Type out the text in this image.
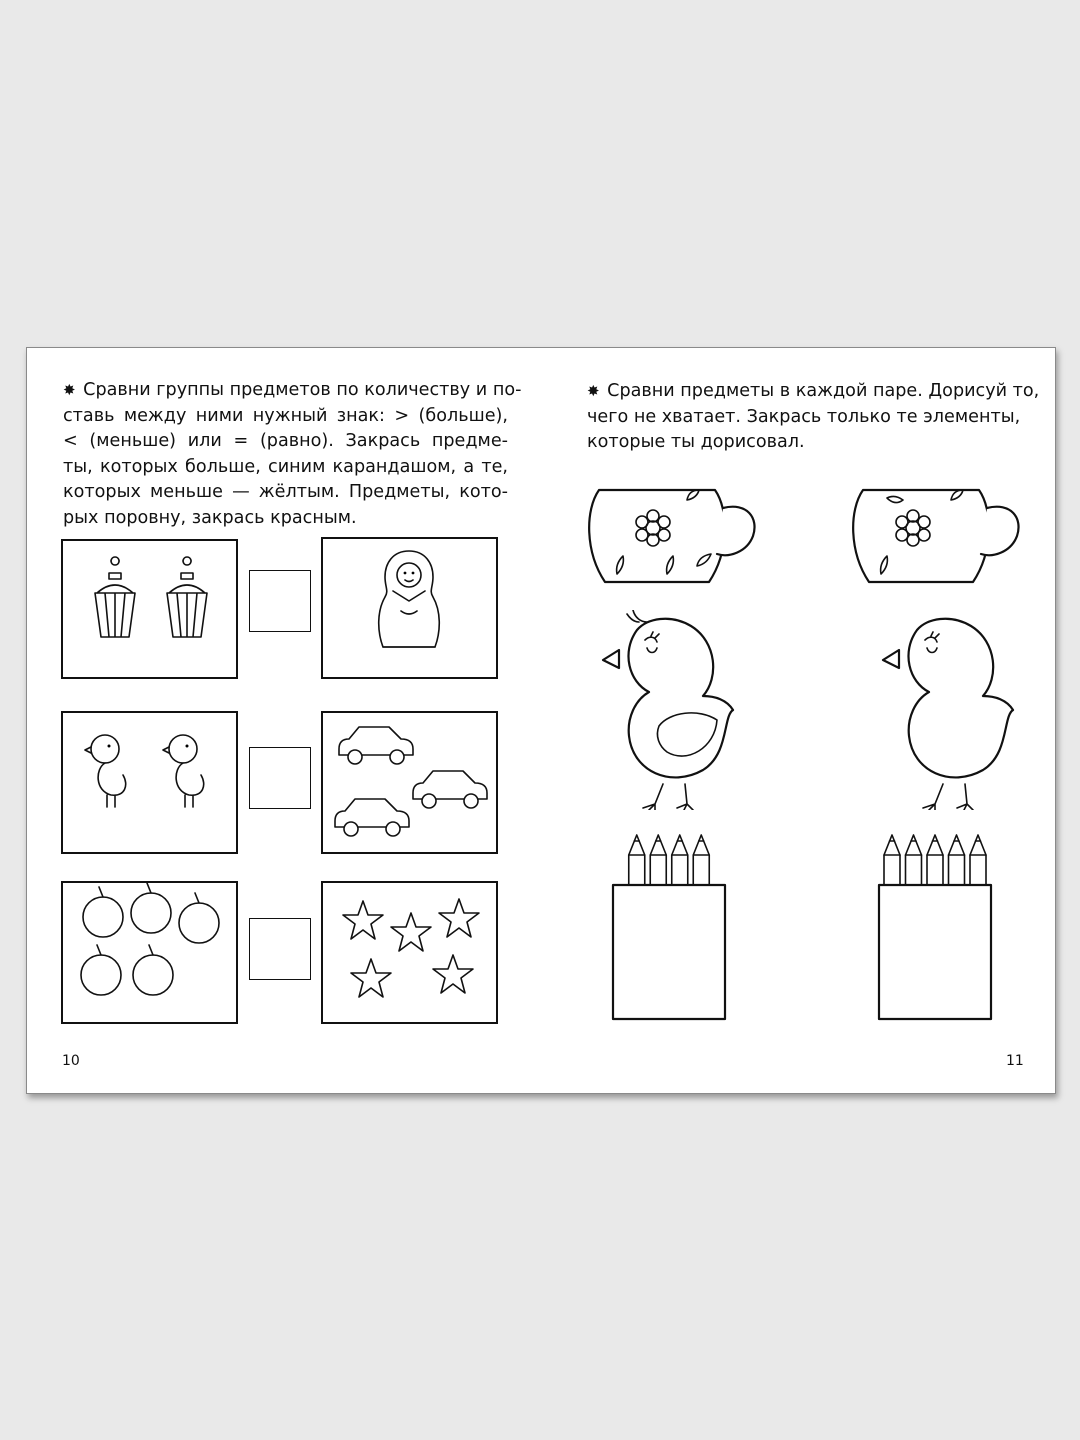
✸ Сравни группы предметов по количеству и по-
ставь между ними нужный знак: > (больше),
< (меньше) или = (равно). Закрась предме-
ты, которых больше, синим карандашом, а те,
которых меньше — жёлтым. Предметы, кото-
рых поровну, закрась красным.

10

✸ Сравни предметы в каждой паре. Дорисуй то,
чего не хватает. Закрась только те элементы,
которые ты дорисовал.

11
